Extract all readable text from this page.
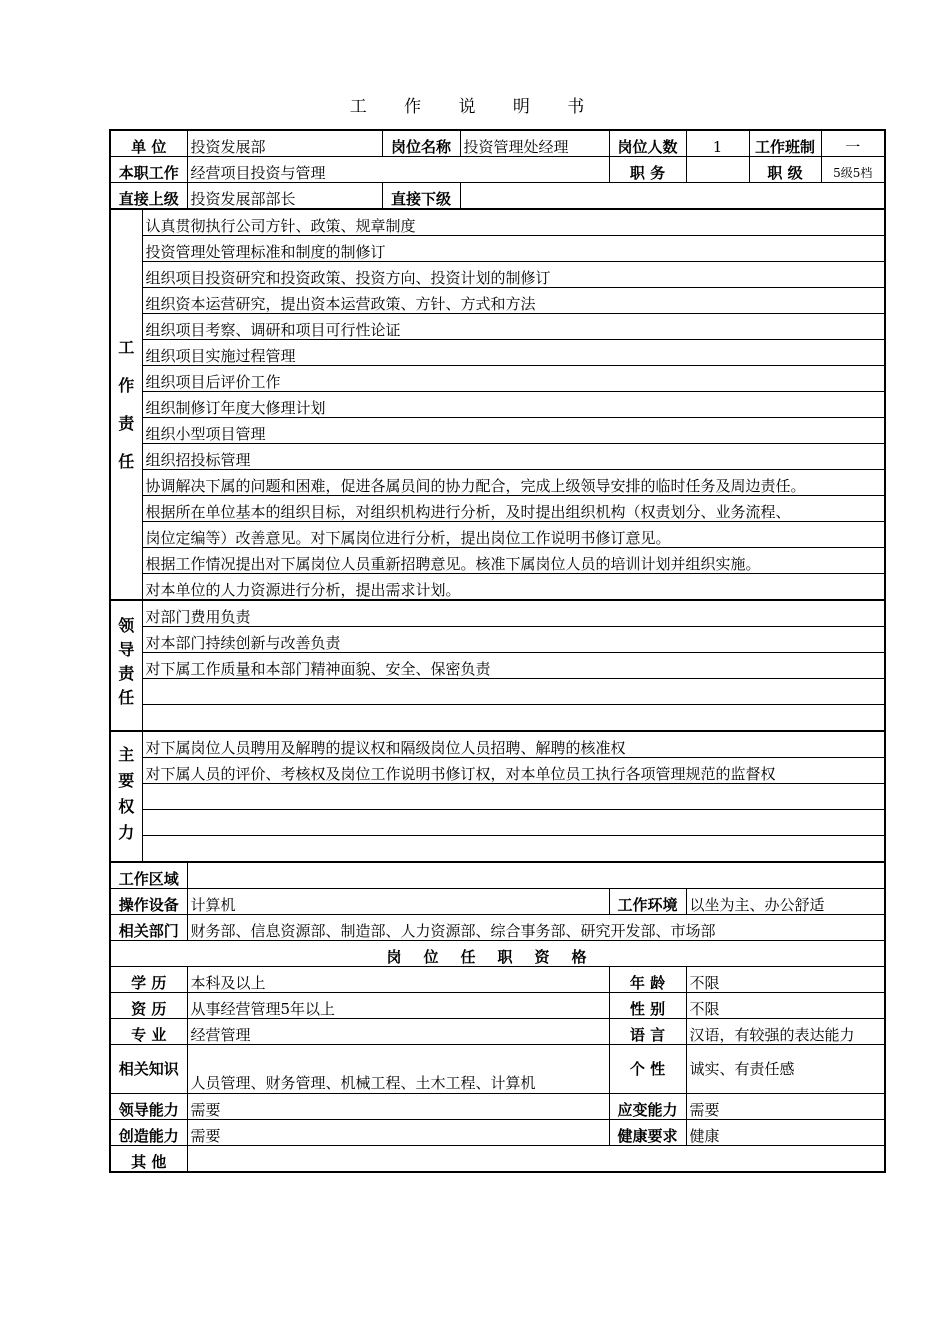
工 作 说 明 书
单 位		投资发展部	岗位名称	投资管理处经理	岗位人数	1	工作班制	一
本职工作		经营项目投资与管理			职 务		职 级	5级5档
直接上级		投资发展部部长	直接下级					
工作责任	认真贯彻执行公司方针、政策、规章制度							
	投资管理处管理标准和制度的制修订							
	组织项目投资研究和投资政策、投资方向、投资计划的制修订							
	组织资本运营研究，提出资本运营政策、方针、方式和方法							
	组织项目考察、调研和项目可行性论证							
	组织项目实施过程管理							
	组织项目后评价工作							
	组织制修订年度大修理计划							
	组织小型项目管理							
	组织招投标管理							
	协调解决下属的问题和困难，促进各属员间的协力配合，完成上级领导安排的临时任务及周边责任。							
	根据所在单位基本的组织目标，对组织机构进行分析，及时提出组织机构（权责划分、业务流程、							
	岗位定编等）改善意见。对下属岗位进行分析，提出岗位工作说明书修订意见。							
	根据工作情况提出对下属岗位人员重新招聘意见。核准下属岗位人员的培训计划并组织实施。							
	对本单位的人力资源进行分析，提出需求计划。							
领导责任	对部门费用负责							
	对本部门持续创新与改善负责							
	对下属工作质量和本部门精神面貌、安全、保密负责							

主要权力	对下属岗位人员聘用及解聘的提议权和隔级岗位人员招聘、解聘的核准权							
	对下属人员的评价、考核权及岗位工作说明书修订权，对本单位员工执行各项管理规范的监督权							

工作区域								
操作设备		计算机			工作环境	以坐为主、办公舒适		
相关部门		财务部、信息资源部、制造部、人力资源部、综合事务部、研究开发部、市场部						
岗位任职资格								
学 历		本科及以上			年 龄	不限		
资 历		从事经营管理5年以上			性 别	不限		
专 业		经营管理			语 言	汉语，有较强的表达能力		
相关知识		人员管理、财务管理、机械工程、土木工程、计算机			个 性	诚实、有责任感		
领导能力		需要			应变能力	需要		
创造能力		需要			健康要求	健康		
其 他								
